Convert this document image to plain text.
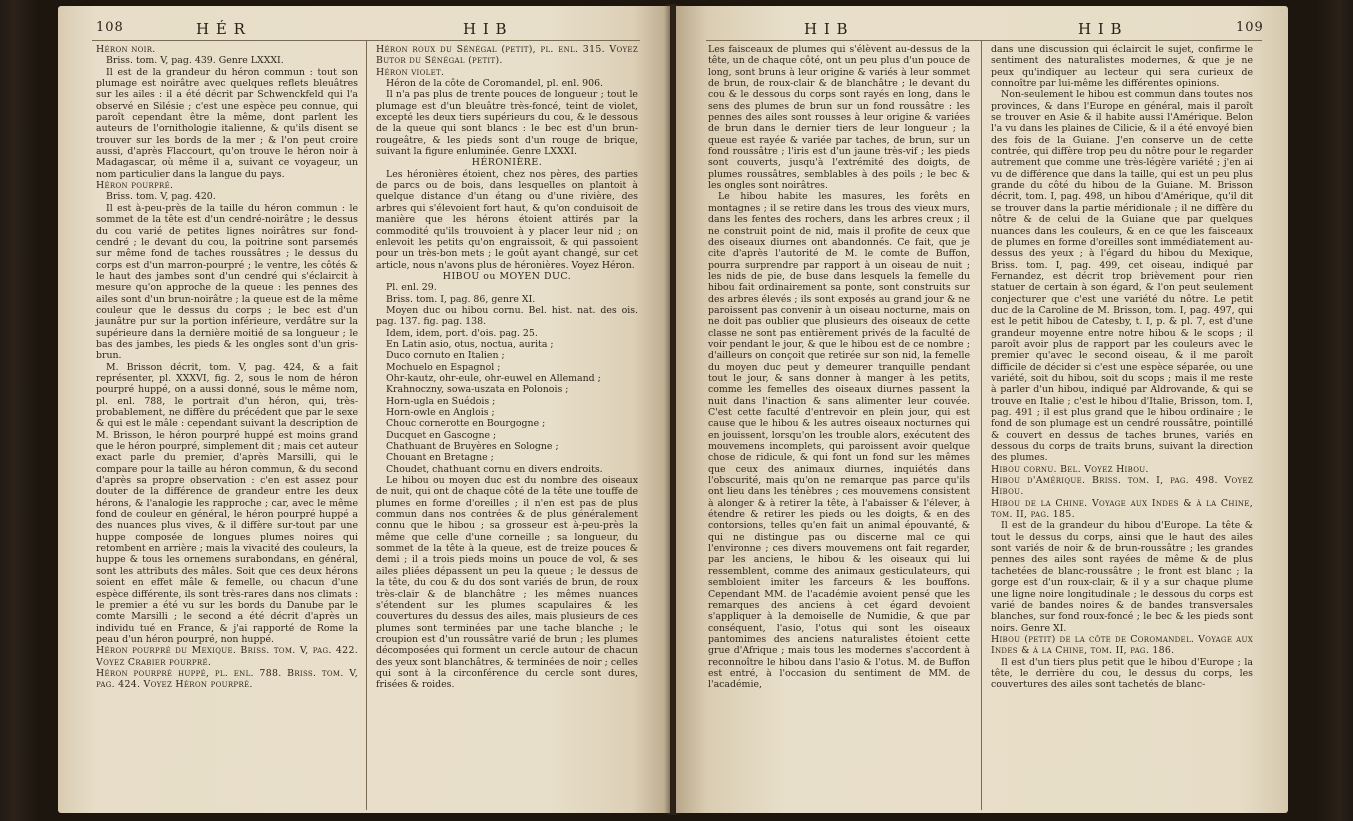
108	H É R	H I B

Héron noir.

Briss. tom. V, pag. 439. Genre LXXXI.

Il est de la grandeur du héron commun : tout son plumage est noirâtre avec quelques reflets bleuâtres sur les ailes : il a été décrit par Schwenckfeld qui l'a observé en Silésie ; c'est une espèce peu connue, qui paroît cependant être la même, dont parlent les auteurs de l'ornithologie italienne, & qu'ils disent se trouver sur les bords de la mer ; & l'on peut croire aussi, d'après Flaccourt, qu'on trouve le héron noir à Madagascar, où même il a, suivant ce voyageur, un nom particulier dans la langue du pays.

Héron pourpré.

Briss. tom. V, pag. 420.

Il est à-peu-près de la taille du héron commun : le sommet de la tête est d'un cendré-noirâtre ; le dessus du cou varié de petites lignes noirâtres sur fond-cendré ; le devant du cou, la poitrine sont parsemés sur même fond de taches roussâtres ; le dessus du corps est d'un marron-pourpré ; le ventre, les côtés & le haut des jambes sont d'un cendré qui s'éclaircit à mesure qu'on approche de la queue : les pennes des ailes sont d'un brun-noirâtre ; la queue est de la même couleur que le dessus du corps ; le bec est d'un jaunâtre pur sur la portion inférieure, verdâtre sur la supérieure dans la dernière moitié de sa longueur ; le bas des jambes, les pieds & les ongles sont d'un gris-brun.

M. Brisson décrit, tom. V, pag. 424, & a fait représenter, pl. XXXVI, fig. 2, sous le nom de héron pourpré huppé, on a aussi donné, sous le même nom, pl. enl. 788, le portrait d'un héron, qui, très-probablement, ne diffère du précédent que par le sexe & qui est le mâle : cependant suivant la description de M. Brisson, le héron pourpré huppé est moins grand que le héron pourpré, simplement dit ; mais cet auteur exact parle du premier, d'après Marsilli, qui le compare pour la taille au héron commun, & du second d'après sa propre observation : c'en est assez pour douter de la différence de grandeur entre les deux hérons, & l'analogie les rapproche ; car, avec le même fond de couleur en général, le héron pourpré huppé a des nuances plus vives, & il diffère sur-tout par une huppe composée de longues plumes noires qui retombent en arrière ; mais la vivacité des couleurs, la huppe & tous les ornemens surabondans, en général, sont les attributs des mâles. Soit que ces deux hérons soient en effet mâle & femelle, ou chacun d'une espèce différente, ils sont très-rares dans nos climats : le premier a été vu sur les bords du Danube par le comte Marsilli ; le second a été décrit d'après un individu tué en France, & j'ai rapporté de Rome la peau d'un héron pourpré, non huppé.

Héron pourpré du Mexique. Briss. tom. V, pag. 422. Voyez Crabier pourpré.

Héron pourpré huppé, pl. enl. 788. Briss. tom. V, pag. 424. Voyez Héron pourpré.

Héron roux du Sénégal (petit), pl. enl. 315. Voyez Butor du Sénégal (petit).

Héron violet.

Héron de la côte de Coromandel, pl. enl. 906.

Il n'a pas plus de trente pouces de longueur ; tout le plumage est d'un bleuâtre très-foncé, teint de violet, excepté les deux tiers supérieurs du cou, & le dessous de la queue qui sont blancs : le bec est d'un brun-rougeâtre, & les pieds sont d'un rouge de brique, suivant la figure enluminée. Genre LXXXI.

HÉRONIÈRE.

Les héronières étoient, chez nos pères, des parties de parcs ou de bois, dans lesquelles on plantoit à quelque distance d'un étang ou d'une rivière, des arbres qui s'élevoient fort haut, & qu'on conduisoit de manière que les hérons étoient attirés par la commodité qu'ils trouvoient à y placer leur nid ; on enlevoit les petits qu'on engraissoit, & qui passoient pour un très-bon mets ; le goût ayant changé, sur cet article, nous n'avons plus de héronières. Voyez Héron.

HIBOU ou MOYEN DUC.

Pl. enl. 29.

Briss. tom. I, pag. 86, genre XI.

Moyen duc ou hibou cornu. Bel. hist. nat. des ois. pag. 137. fig. pag. 138.

Idem, idem, port. d'ois. pag. 25.

En Latin asio, otus, noctua, aurita ;

Duco cornuto en Italien ;

Mochuelo en Espagnol ;

Ohr-kautz, ohr-eule, ohr-euwel en Allemand ;

Krahnoczny, sowa-uszata en Polonois ;

Horn-ugla en Suédois ;

Horn-owle en Anglois ;

Chouc cornerotte en Bourgogne ;

Ducquet en Gascogne ;

Chathuant de Bruyères en Sologne ;

Chouant en Bretagne ;

Choudet, chathuant cornu en divers endroits.

Le hibou ou moyen duc est du nombre des oiseaux de nuit, qui ont de chaque côté de la tête une touffe de plumes en forme d'oreilles ; il n'en est pas de plus commun dans nos contrées & de plus généralement connu que le hibou ; sa grosseur est à-peu-près la même que celle d'une corneille ; sa longueur, du sommet de la tête à la queue, est de treize pouces & demi ; il a trois pieds moins un pouce de vol, & ses ailes pliées dépassent un peu la queue ; le dessus de la tête, du cou & du dos sont variés de brun, de roux très-clair & de blanchâtre ; les mêmes nuances s'étendent sur les plumes scapulaires & les couvertures du dessus des ailes, mais plusieurs de ces plumes sont terminées par une tache blanche ; le croupion est d'un roussâtre varié de brun ; les plumes décomposées qui forment un cercle autour de chacun des yeux sont blanchâtres, & terminées de noir ; celles qui sont à la circonférence du cercle sont dures, frisées & roides.

H I B	H I B	109

Les faisceaux de plumes qui s'élèvent au-dessus de la tête, un de chaque côté, ont un peu plus d'un pouce de long, sont bruns à leur origine & variés à leur sommet de brun, de roux-clair & de blanchâtre ; le devant du cou & le dessous du corps sont rayés en long, dans le sens des plumes de brun sur un fond roussâtre : les pennes des ailes sont rousses à leur origine & variées de brun dans le dernier tiers de leur longueur ; la queue est rayée & variée par taches, de brun, sur un fond roussâtre ; l'iris est d'un jaune très-vif ; les pieds sont couverts, jusqu'à l'extrémité des doigts, de plumes roussâtres, semblables à des poils ; le bec & les ongles sont noirâtres.

Le hibou habite les masures, les forêts en montagnes ; il se retire dans les trous des vieux murs, dans les fentes des rochers, dans les arbres creux ; il ne construit point de nid, mais il profite de ceux que des oiseaux diurnes ont abandonnés. Ce fait, que je cite d'après l'autorité de M. le comte de Buffon, pourra surprendre par rapport à un oiseau de nuit ; les nids de pie, de buse dans lesquels la femelle du hibou fait ordinairement sa ponte, sont construits sur des arbres élevés ; ils sont exposés au grand jour & ne paroissent pas convenir à un oiseau nocturne, mais on ne doit pas oublier que plusieurs des oiseaux de cette classe ne sont pas entièrement privés de la faculté de voir pendant le jour, & que le hibou est de ce nombre ; d'ailleurs on conçoit que retirée sur son nid, la femelle du moyen duc peut y demeurer tranquille pendant tout le jour, & sans donner à manger à les petits, comme les femelles des oiseaux diurnes passent la nuit dans l'inaction & sans alimenter leur couvée. C'est cette faculté d'entrevoir en plein jour, qui est cause que le hibou & les autres oiseaux nocturnes qui en jouissent, lorsqu'on les trouble alors, exécutent des mouvemens incomplets, qui paroissent avoir quelque chose de ridicule, & qui font un fond sur les mêmes que ceux des animaux diurnes, inquiétés dans l'obscurité, mais qu'on ne remarque pas parce qu'ils ont lieu dans les ténèbres ; ces mouvemens consistent à alonger & à retirer la tête, à l'abaisser & l'élever, à étendre & retirer les pieds ou les doigts, & en des contorsions, telles qu'en fait un animal épouvanté, & qui ne distingue pas ou discerne mal ce qui l'environne ; ces divers mouvemens ont fait regarder, par les anciens, le hibou & les oiseaux qui lui ressemblent, comme des animaux gesticulateurs, qui sembloient imiter les farceurs & les bouffons. Cependant MM. de l'académie avoient pensé que les remarques des anciens à cet égard devoient s'appliquer à la demoiselle de Numidie, & que par conséquent, l'asio, l'otus qui sont les oiseaux pantomimes des anciens naturalistes étoient cette grue d'Afrique ; mais tous les modernes s'accordent à reconnoître le hibou dans l'asio & l'otus. M. de Buffon est entré, à l'occasion du sentiment de MM. de l'académie,

dans une discussion qui éclaircit le sujet, confirme le sentiment des naturalistes modernes, & que je ne peux qu'indiquer au lecteur qui sera curieux de connoître par lui-même les différentes opinions.

Non-seulement le hibou est commun dans toutes nos provinces, & dans l'Europe en général, mais il paroît se trouver en Asie & il habite aussi l'Amérique. Belon l'a vu dans les plaines de Cilicie, & il a été envoyé bien des fois de la Guiane. J'en conserve un de cette contrée, qui diffère trop peu du nôtre pour le regarder autrement que comme une très-légère variété ; j'en ai vu de différence que dans la taille, qui est un peu plus grande du côté du hibou de la Guiane. M. Brisson décrit, tom. I, pag. 498, un hibou d'Amérique, qu'il dit se trouver dans la partie méridionale ; il ne diffère du nôtre & de celui de la Guiane que par quelques nuances dans les couleurs, & en ce que les faisceaux de plumes en forme d'oreilles sont immédiatement au-dessus des yeux ; à l'égard du hibou du Mexique, Briss. tom. I, pag. 499, cet oiseau, indiqué par Fernandez, est décrit trop brièvement pour rien statuer de certain à son égard, & l'on peut seulement conjecturer que c'est une variété du nôtre. Le petit duc de la Caroline de M. Brisson, tom. I, pag. 497, qui est le petit hibou de Catesby, t. I, p. & pl. 7, est d'une grandeur moyenne entre notre hibou & le scops ; il paroît avoir plus de rapport par les couleurs avec le premier qu'avec le second oiseau, & il me paroît difficile de décider si c'est une espèce séparée, ou une variété, soit du hibou, soit du scops ; mais il me reste à parler d'un hibou, indiqué par Aldrovande, & qui se trouve en Italie ; c'est le hibou d'Italie, Brisson, tom. I, pag. 491 ; il est plus grand que le hibou ordinaire ; le fond de son plumage est un cendré roussâtre, pointillé & couvert en dessus de taches brunes, variés en dessous du corps de traits bruns, suivant la direction des plumes.

Hibou cornu. Bel. Voyez Hibou.

Hibou d'Amérique. Briss. tom. I, pag. 498. Voyez Hibou.

Hibou de la Chine. Voyage aux Indes & à la Chine, tom. II, pag. 185.

Il est de la grandeur du hibou d'Europe. La tête & tout le dessus du corps, ainsi que le haut des ailes sont variés de noir & de brun-roussâtre ; les grandes pennes des ailes sont rayées de même & de plus tachetées de blanc-roussâtre ; le front est blanc ; la gorge est d'un roux-clair, & il y a sur chaque plume une ligne noire longitudinale ; le dessous du corps est varié de bandes noires & de bandes transversales blanches, sur fond roux-foncé ; le bec & les pieds sont noirs. Genre XI.

Hibou (petit) de la côte de Coromandel. Voyage aux Indes & à la Chine, tom. II, pag. 186.

Il est d'un tiers plus petit que le hibou d'Europe ; la tête, le derrière du cou, le dessus du corps, les couvertures des ailes sont tachetés de blanc-
